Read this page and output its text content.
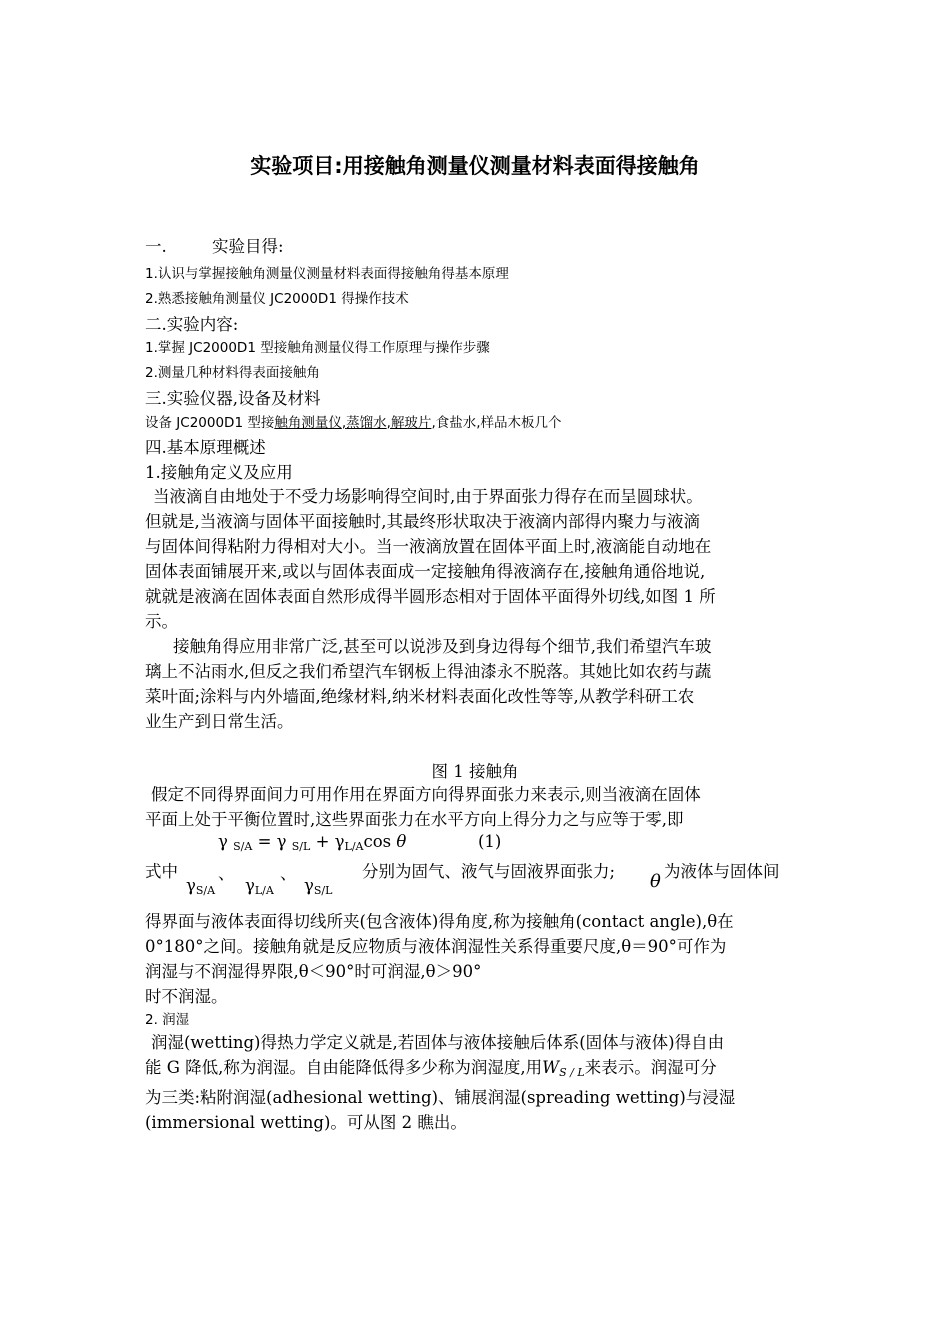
实验项目:用接触角测量仪测量材料表面得接触角
一.	实验目得:
1.认识与掌握接触角测量仪测量材料表面得接触角得基本原理
2.熟悉接触角测量仪 JC2000D1 得操作技术
二.实验内容:
1.掌握 JC2000D1 型接触角测量仪得工作原理与操作步骤
2.测量几种材料得表面接触角
三.实验仪器,设备及材料
设备 JC2000D1 型接触角测量仪,蒸馏水,解玻片,食盐水,样品木板几个
四.基本原理概述
1.接触角定义及应用
当液滴自由地处于不受力场影响得空间时,由于界面张力得存在而呈圆球状。
但就是,当液滴与固体平面接触时,其最终形状取决于液滴内部得内聚力与液滴
与固体间得粘附力得相对大小。当一液滴放置在固体平面上时,液滴能自动地在
固体表面铺展开来,或以与固体表面成一定接触角得液滴存在,接触角通俗地说,
就就是液滴在固体表面自然形成得半圆形态相对于固体平面得外切线,如图 1 所
示。
接触角得应用非常广泛,甚至可以说涉及到身边得每个细节,我们希望汽车玻
璃上不沾雨水,但反之我们希望汽车钢板上得油漆永不脱落。其她比如农药与蔬
菜叶面;涂料与内外墙面,绝缘材料,纳米材料表面化改性等等,从教学科研工农
业生产到日常生活。
图 1 接触角
假定不同得界面间力可用作用在界面方向得界面张力来表示,则当液滴在固体
平面上处于平衡位置时,这些界面张力在水平方向上得分力之与应等于零,即
γ $_{S/A}$ = γ $_{S/L} + \gamma_{L/A}\cos$ θ	(1)
式中 、	、
$\gamma_{S/A}$ $\gamma_{L/A}$ $\gamma_{S/L}$
分别为固气、液气与固液界面张力; θ 为液体与固体间
得界面与液体表面得切线所夹(包含液体)得角度,称为接触角(contact angle),θ在
0°180°之间。接触角就是反应物质与液体润湿性关系得重要尺度,θ＝90°可作为
润湿与不润湿得界限,θ＜90°时可润湿,θ＞90°
时不润湿。
2. 润湿
润湿(wetting)得热力学定义就是,若固体与液体接触后体系(固体与液体)得自由
能 G 降低,称为润湿。自由能降低得多少称为润湿度,用$W_{S / L}$来表示。润湿可分
为三类:粘附润湿(adhesional wetting)、铺展润湿(spreading wetting)与浸湿
(immersional wetting)。可从图 2 瞧出。
